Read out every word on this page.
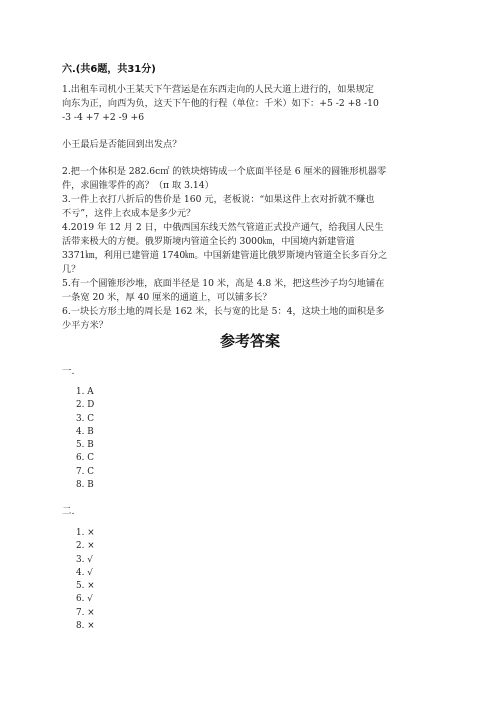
六.(共6题，共31分)

1.出租车司机小王某天下午营运是在东西走向的人民大道上进行的，如果规定

向东为正，向西为负，这天下午他的行程（单位：千米）如下：+5 -2 +8 -10

-3 -4 +7 +2 -9 +6

小王最后是否能回到出发点？

2.把一个体积是 282.6c㎡ 的铁块熔铸成一个底面半径是 6 厘米的圆锥形机器零

件，求圆锥零件的高？（π 取 3.14）

3.一件上衣打八折后的售价是 160 元，老板说：“如果这件上衣对折就不赚也

不亏”，这件上衣成本是多少元？

4.2019 年 12 月 2 日，中俄西国东线天然气管道正式投产通气，给我国人民生

活带来极大的方便。俄罗斯境内管道全长约 3000㎞，中国境内新建管道

3371㎞，利用已建管道 1740㎞。中国新建管道比俄罗斯境内管道全长多百分之

几？

5.有一个圆锥形沙堆，底面半径是 10 米，高是 4.8 米，把这些沙子均匀地铺在

一条宽 20 米，厚 40 厘米的通道上，可以铺多长？

6.一块长方形土地的周长是 162 米，长与宽的比是 5：4，这块土地的面积是多

少平方米？

参考答案
一.
1. A
2. D
3. C
4. B
5. B
6. C
7. C
8. B
二.
1. ×
2. ×
3. √
4. √
5. ×
6. √
7. ×
8. ×
